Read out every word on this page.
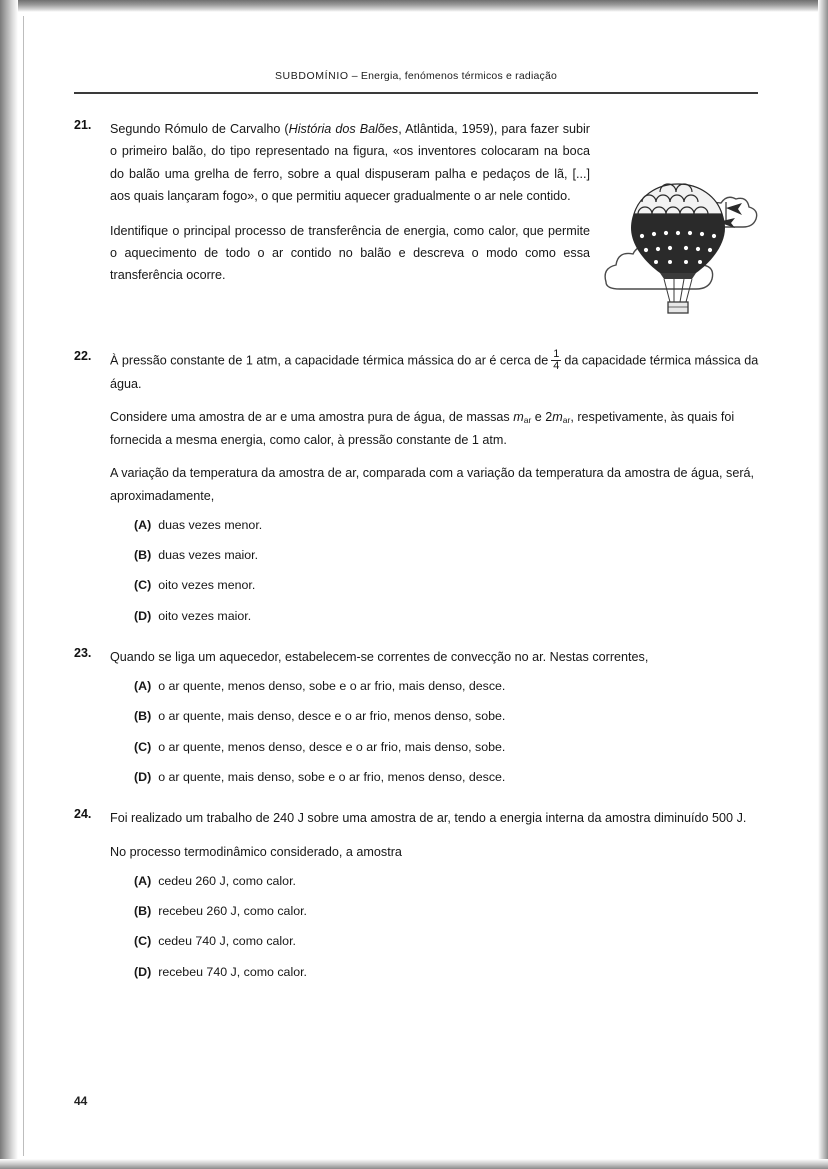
SUBDOMÍNIO – Energia, fenómenos térmicos e radiação
21.	Segundo Rómulo de Carvalho (História dos Balões, Atlântida, 1959), para fazer subir o primeiro balão, do tipo representado na figura, «os inventores colocaram na boca do balão uma grelha de ferro, sobre a qual dispuseram palha e pedaços de lã, [...] aos quais lançaram fogo», o que permitiu aquecer gradualmente o ar nele contido.

Identifique o principal processo de transferência de energia, como calor, que permite o aquecimento de todo o ar contido no balão e descreva o modo como essa transferência ocorre.

22.	À pressão constante de 1 atm, a capacidade térmica mássica do ar é cerca de $\frac{1}{4}$ da capacidade térmica mássica da água.

Considere uma amostra de ar e uma amostra pura de água, de massas $m_{ar}$ e $2m_{ar}$, respetivamente, às quais foi fornecida a mesma energia, como calor, à pressão constante de 1 atm.

A variação da temperatura da amostra de ar, comparada com a variação da temperatura da amostra de água, será, aproximadamente,

(A) duas vezes menor.
(B) duas vezes maior.
(C) oito vezes menor.
(D) oito vezes maior.
23.	Quando se liga um aquecedor, estabelecem-se correntes de convecção no ar. Nestas correntes,

(A) o ar quente, menos denso, sobe e o ar frio, mais denso, desce.
(B) o ar quente, mais denso, desce e o ar frio, menos denso, sobe.
(C) o ar quente, menos denso, desce e o ar frio, mais denso, sobe.
(D) o ar quente, mais denso, sobe e o ar frio, menos denso, desce.
24.	Foi realizado um trabalho de 240 J sobre uma amostra de ar, tendo a energia interna da amostra diminuído 500 J.

No processo termodinâmico considerado, a amostra

(A) cedeu 260 J, como calor.
(B) recebeu 260 J, como calor.
(C) cedeu 740 J, como calor.
(D) recebeu 740 J, como calor.
44
